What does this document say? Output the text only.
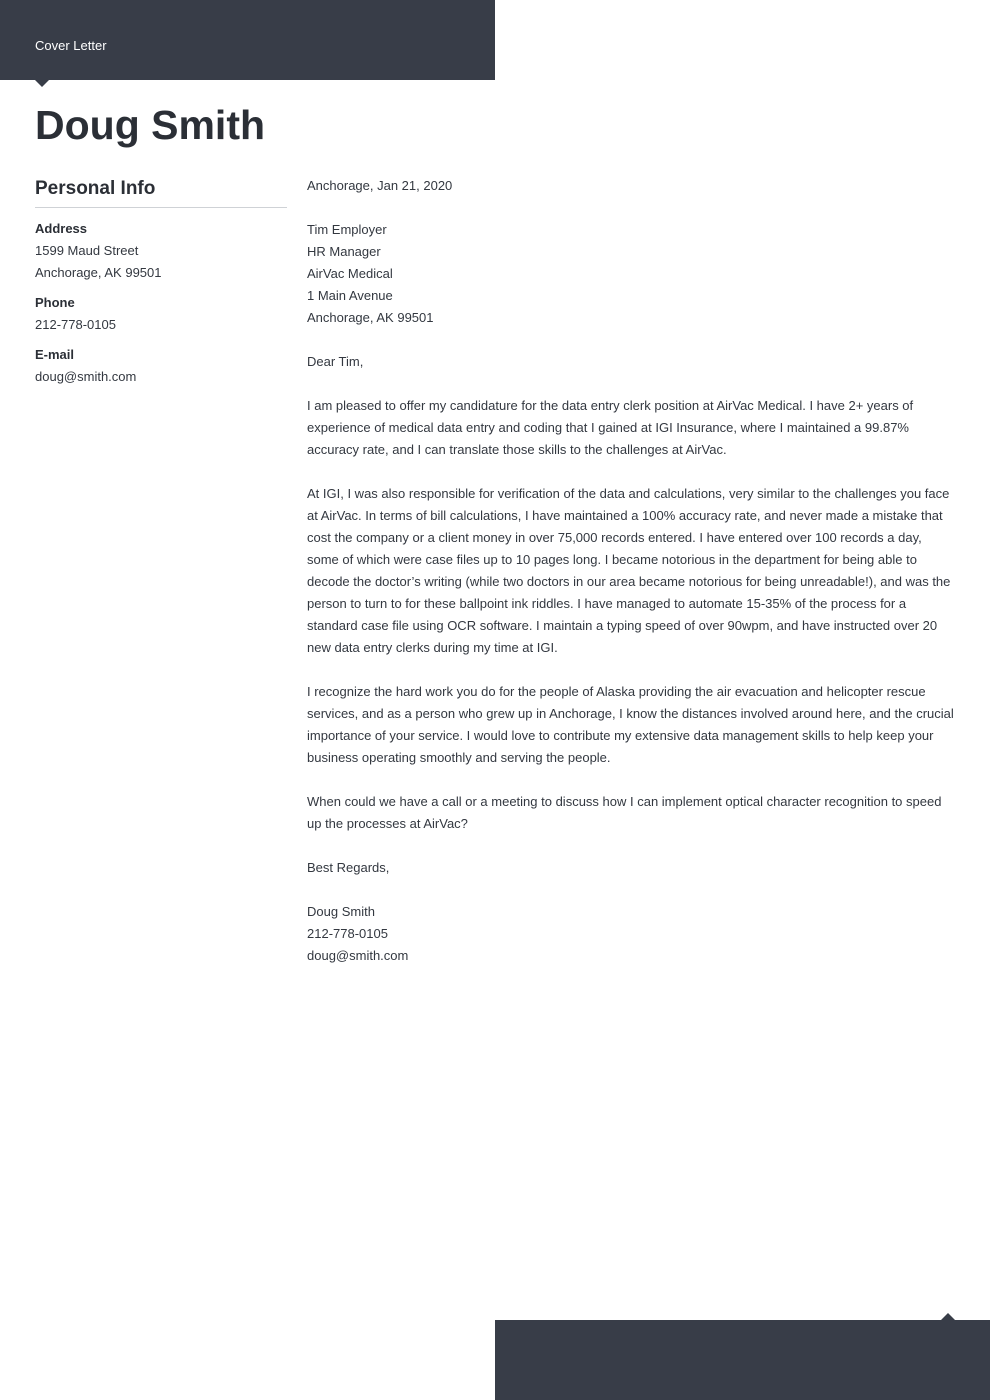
Cover Letter
Doug Smith
Personal Info
Address
1599 Maud Street
Anchorage, AK 99501
Phone
212-778-0105
E-mail
doug@smith.com

Anchorage, Jan 21, 2020

Tim Employer
HR Manager
AirVac Medical
1 Main Avenue
Anchorage, AK 99501

Dear Tim,

I am pleased to offer my candidature for the data entry clerk position at AirVac Medical. I have 2+ years of experience of medical data entry and coding that I gained at IGI Insurance, where I maintained a 99.87% accuracy rate, and I can translate those skills to the challenges at AirVac.

At IGI, I was also responsible for verification of the data and calculations, very similar to the challenges you face at AirVac. In terms of bill calculations, I have maintained a 100% accuracy rate, and never made a mistake that cost the company or a client money in over 75,000 records entered. I have entered over 100 records a day, some of which were case files up to 10 pages long. I became notorious in the department for being able to decode the doctor’s writing (while two doctors in our area became notorious for being unreadable!), and was the person to turn to for these ballpoint ink riddles. I have managed to automate 15-35% of the process for a standard case file using OCR software. I maintain a typing speed of over 90wpm, and have instructed over 20 new data entry clerks during my time at IGI.

I recognize the hard work you do for the people of Alaska providing the air evacuation and helicopter rescue services, and as a person who grew up in Anchorage, I know the distances involved around here, and the crucial importance of your service. I would love to contribute my extensive data management skills to help keep your business operating smoothly and serving the people.

When could we have a call or a meeting to discuss how I can implement optical character recognition to speed up the processes at AirVac?

Best Regards,

Doug Smith
212-778-0105
doug@smith.com
